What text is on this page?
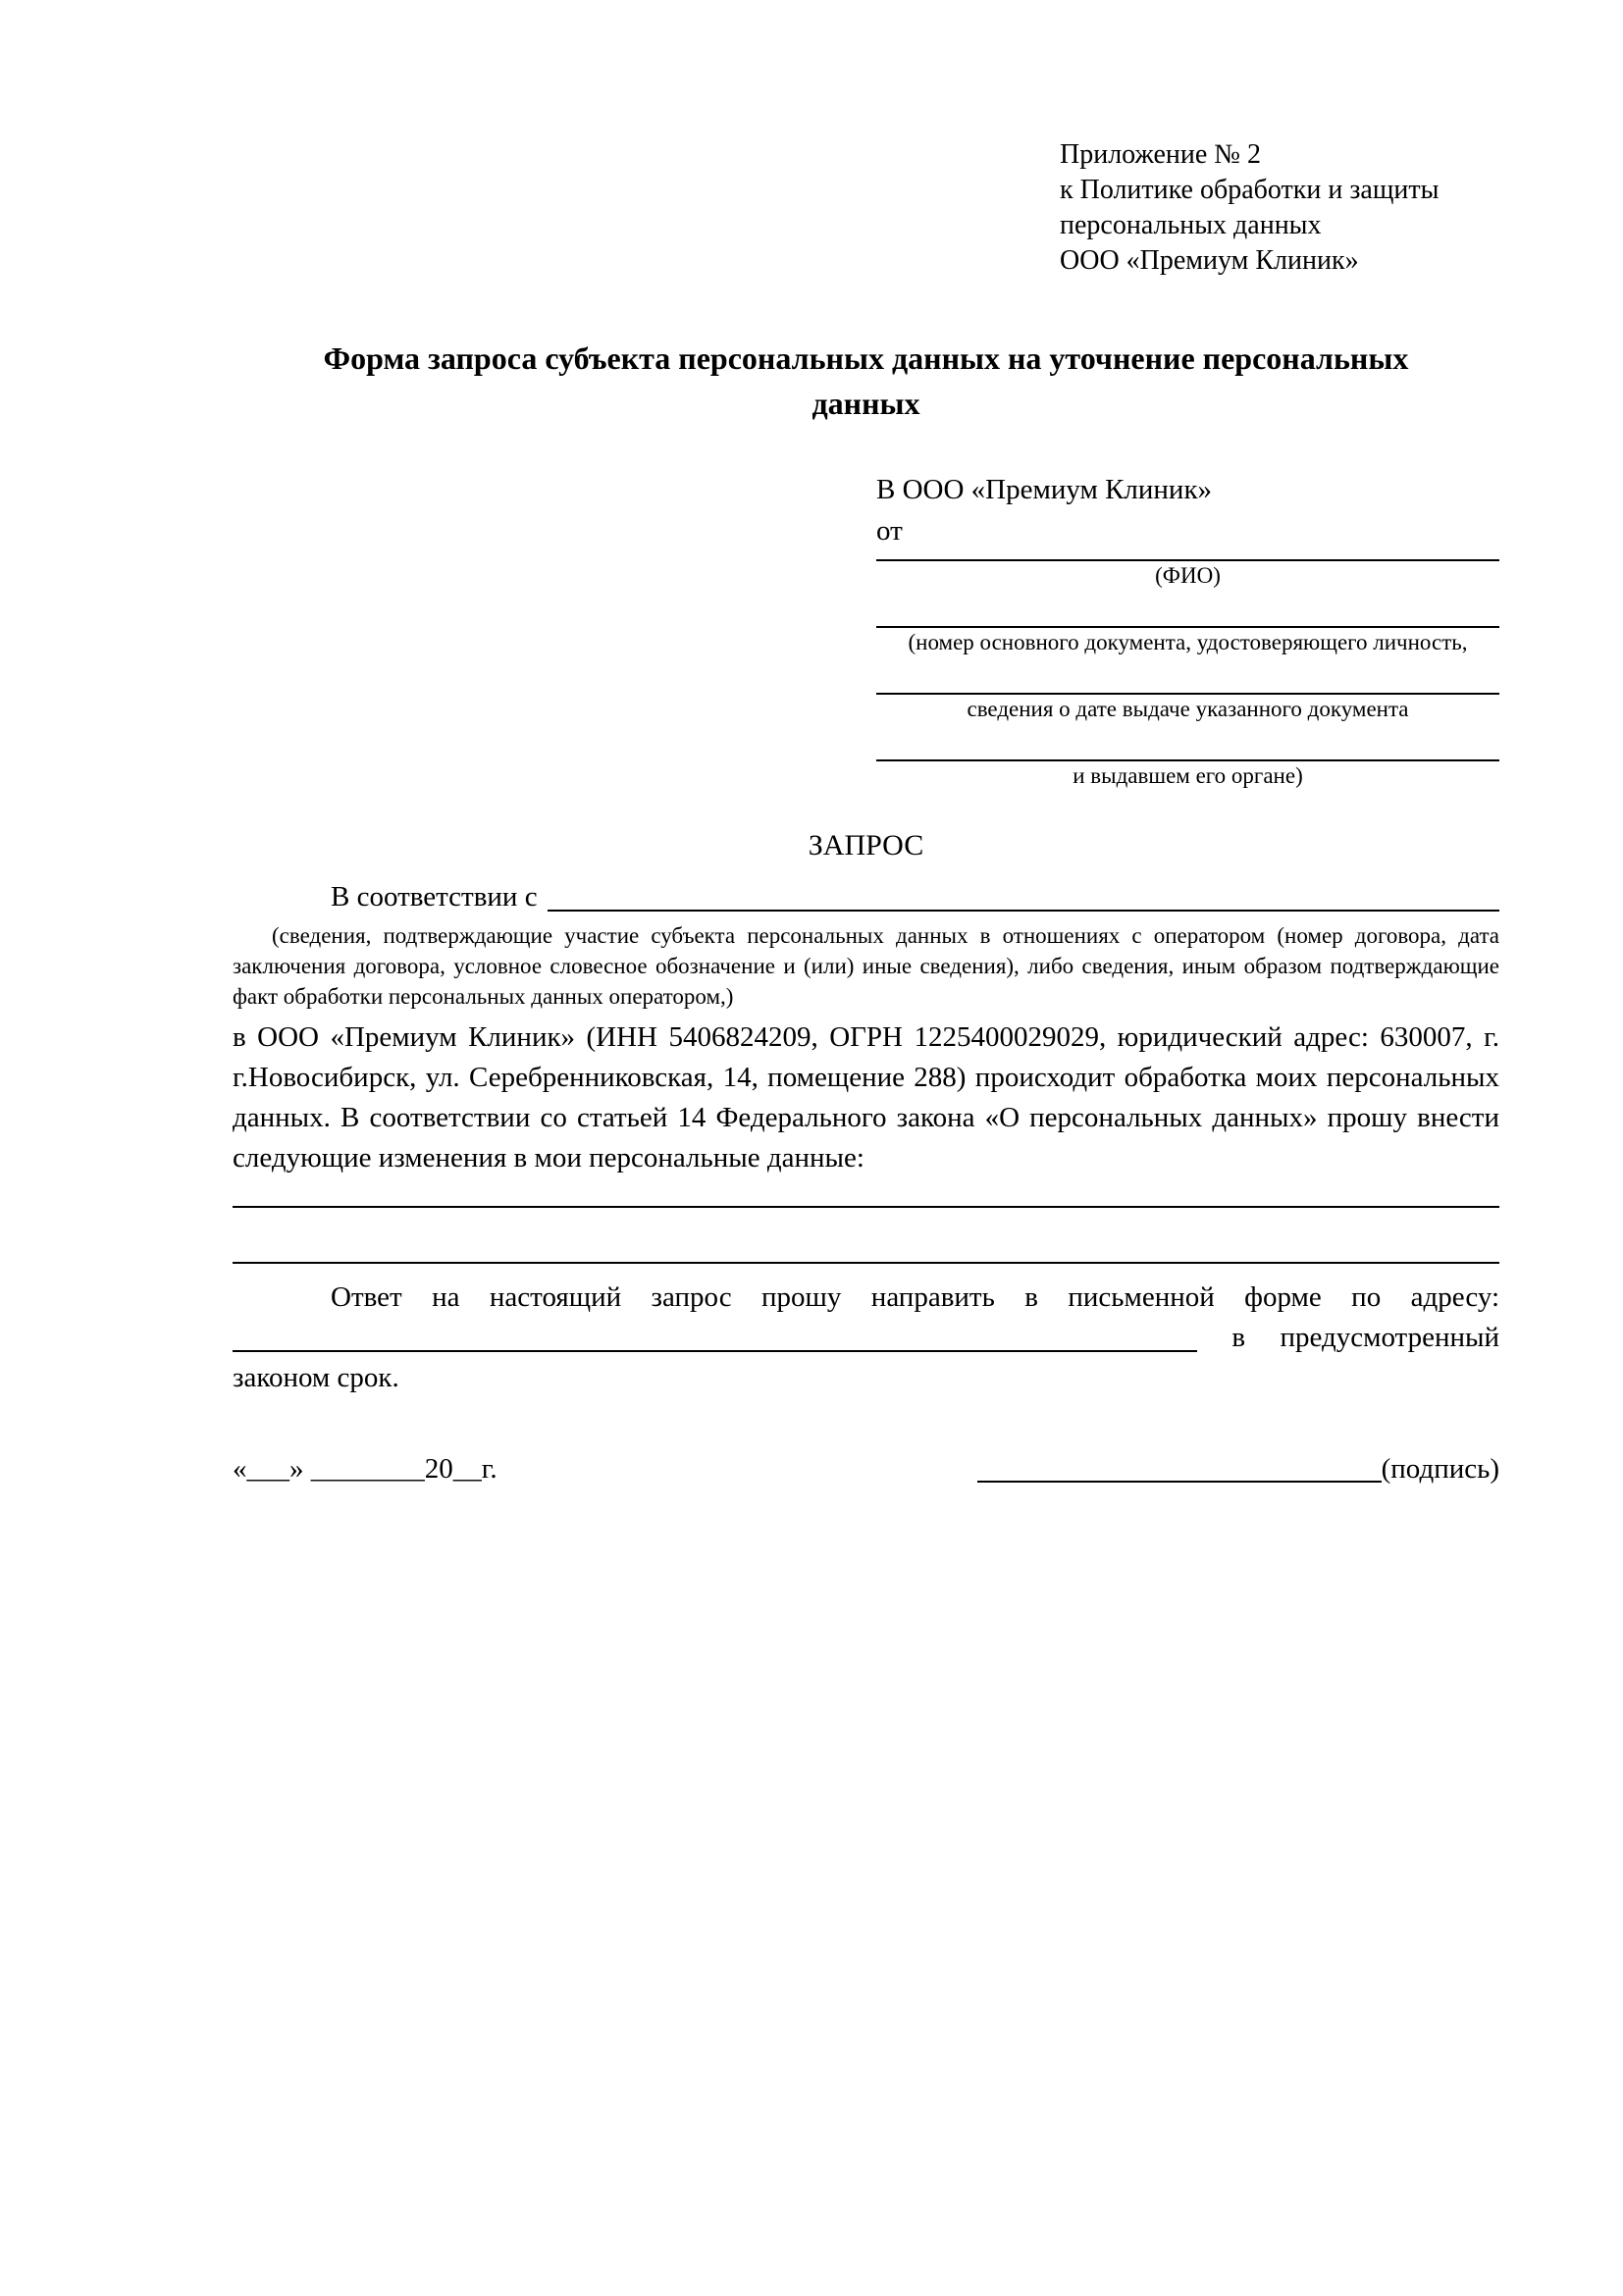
Приложение № 2
к Политике обработки и защиты
персональных данных
ООО «Премиум Клиник»
Форма запроса субъекта персональных данных на уточнение персональных данных
В ООО «Премиум Клиник»
от
(ФИО)
(номер основного документа, удостоверяющего личность,
сведения о дате выдаче указанного документа
и выдавшем его органе)
ЗАПРОС
В соответствии с
(сведения, подтверждающие участие субъекта персональных данных в отношениях с оператором (номер договора, дата заключения договора, условное словесное обозначение и (или) иные сведения), либо сведения, иным образом подтверждающие факт обработки персональных данных оператором,)

в ООО «Премиум Клиник» (ИНН 5406824209, ОГРН 1225400029029, юридический адрес: 630007, г. г.Новосибирск, ул. Серебренниковская, 14, помещение 288) происходит обработка моих персональных данных. В соответствии со статьей 14 Федерального закона «О персональных данных» прошу внести следующие изменения в мои персональные данные:

Ответ на настоящий запрос прошу направить в письменной форме по адресу:
в предусмотренный
законом срок.
«___» ________20__г.	(подпись)
